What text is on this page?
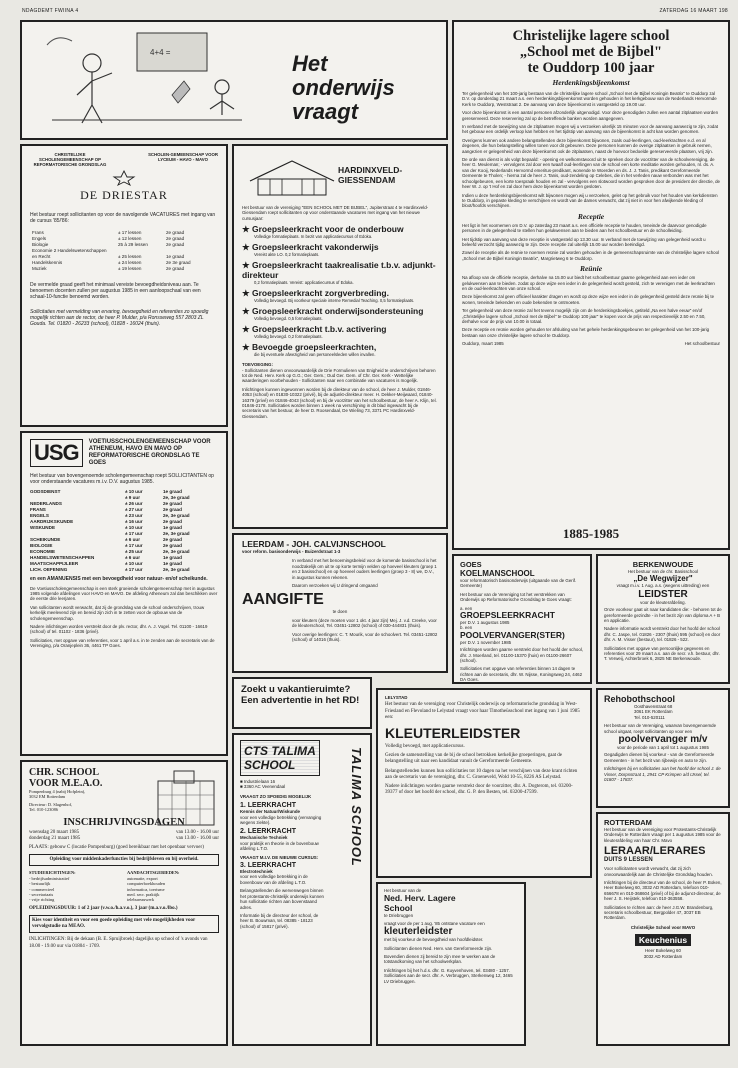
NDAGDEMT FWIINA 4	ZATERDAG 16 MAART 198
4+4 =	Het onderwijs vraagt
CHRISTELIJKE SCHOLENGEMEENSCHAP OP REFORMATORISCHE GRONDSLAG
SCHOLEN-GEMEENSCHAP VOOR LYCEUM - HAVO - MAVO
DE DRIESTAR

Het bestuur roept sollicitanten op voor de navolgende VACATURES met ingang van de cursus '85/'86:

Frans	± 17 lessen	2e graad
Engels	± 12 lessen	2e graad
Biologie	25 à 29 lessen	2e graad
Economie 2 Handelswetenschappen
en Recht	± 25 lessen	1e graad
Handelskennis	± 24 lessen	2e 3e graad
Muziek	± 19 lessen	2e graad

De vermelde graad geeft het minimaal vereiste bevoegdheidsniveau aan. Te benoemen docenten zullen per augustus 1985 in een aanloopschaal van een schaal-10-functie benoemd worden.

Sollicitaties met vermelding van ervaring, bevoegdheid en referenties zo spoedig mogelijk richten aan de rector, de heer P. Mulder, p/a Ronsseweg 557 2803 ZL Gouda. Tel. 01820 - 26233 (school), 01828 - 16024 (thuis).

HARDINXVELD-GIESSENDAM

Het bestuur van de vereniging "EEN SCHOOL MET DE BIJBEL", Jupiterstraat 4 te Hardinxveld-Giessendam roept sollicitanten op voor onderstaande vacatures met ingang van het nieuwe cursusjaar:

★ Groepsleerkracht voor de onderbouw
Volledige formatieplaats. In bezit van applicatiecursus of Edoka.
★ Groepsleerkracht vakonderwijs
Vereist akte LO. 0,2 formatieplaats.
★ Groepsleerkracht taakrealisatie t.b.v. adjunkt-direkteur
0,2 formatieplaats. Vereist: applicatiecursus of Edoka.
★ Groepsleerkracht zorgverbreding.
Volledig bevoegd. Bij voorkeur speciale interne Remedial Teaching. 0,5 formatieplaats.
★ Groepsleerkracht onderwijsondersteuning
Volledig bevoegd. 0,5 formatieplaats.
★ Groepsleerkracht t.b.v. activering
Volledig bevoegd. 0,2 formatieplaats.
★ Bevoegde groepsleerkrachten,
die bij eventuele afwezigheid van personeelsleden willen invallen.
TOEVOEGING:

- Sollicitanten dienen onvoorwaardelijk de Drie Formulieren van Enigheid te onderschrijven behoren tot de Ned. Herv. Kerk op G.G.; Ger. Gem.; Oud Ger. Gem. of Chr. Ger. Kerk - Wettelijke waarderingen voorbehouden - Sollicitanten naar een combinatie van vacatures is mogelijk.

Inlichtingen kunnen ingewonnen worden bij de direkteur van de school, de heer J. Mulder, 01846-4053 (school) en 01830-10322 (privé), bij de adjunkt-direkteur meer. H. Dekker-Meijwaard, 01840-16379 (privé) en 01846-4043 (school) en bij de voorzitter van het schoolbestuur, de heer A. Klijn, tel. 01846-2178. Sollicitaties worden binnen 1 week na verschijning in dit blad ingewacht bij de secretaris van het bestuur, de heer D. Roosendaal, De Wieling 73, 3371 PC Hardinxveld-Giessendam.

Christelijke lagere school
„School met de Bijbel"
te Ouddorp 100 jaar
Herdenkingsbijeenkomst

Ter gelegenheid van het 100-jarig bestaan van de christelijke lagere school „School met de Bijbel Koningin Beatrix" te Ouddorp zal D.V. op donderdag 21 maart a.s. een herdenkingsbijeenkomst worden gehouden in het kerkgebouw van de Nederlands Hervormde Kerk te Ouddorp, Weststraat 2. De aanvang van deze bijeenkomst is vastgesteld op 19.00 uur.

Voor deze bijeenkomst is een aantal personen afzonderlijk uitgenodigd. Voor deze genodigden zullen een aantal zitplaatsen worden gereserveerd. Deze reservering zal op de betreffende banken worden aangegeven.

In verband met de toewijzing van de zitplaatsen mogen wij u verzoeken uiterlijk 15 minuten voor de aanvang aanwezig te zijn, zodat het gebouw een ordelijk verloop kan hebben en het tijdstip van aanvang van de bijeenkomst in acht kan worden genomen.

Overigens kunnen ook andere belangstellenden deze bijeenkomst bijwonen, zoals oud-leerlingen, oud-leerkrachten e.d. en al degenen, die hun belangstelling willen tonen voor dit gebeuren. Deze personen kunnen de overige zitplaatsen in gebruik nemen, aangezien er gelegenheid van deze bijeenkomst ook de zitplaatsen, naast de hoevoor bedoelde gereserveerde plaatsen, vrij zijn.

De orde van dienst is als volgt bepaald: - opening en welkomstwoord uit te spreken door de voorzitter van de schoolvereniging, de heer G. Meuleman; - vervolgens zal door een twaalf oud-leerlingen van de school een korte meditatie worden gehouden, nl. ds. A. van der Kooij, Nederlands Hervormd emeritus-predikant, wonende te Woerden en ds. J. J. Tanis, predikant Gereformeerde Gemeente te Tholen; - hierna zal de heer J. Tanis, oud-zendeling op Celebes, die in het verleden nauw verbonden was met het schoolgebeuren, een korte toespraak houden en zal - vervolgens een slotwoord worden gesproken door de president der directie, de heer W. J. op 't Hof en zal door hem deze bijeenkomst worden gesloten.

Indien u deze herdenkingsbijeenkomst wilt bijwonen mogen wij u verzoeken, gelet op het gebruik voor het houden van kerkdiensten te Ouddorp, in gepaste kleding te verschijnen en wordt van de dames verwacht, dat zij niet in voor hen afwijkende kleding of bloot/hoofds verschijnen.

Receptie

Het ligt in het voornemen om D.V. op zaterdag 23 maart a.s. een officiële receptie te houden, teneinde de daarvoor genodigde personen in de gelegenheid te stellen hun gelukwensen aan te bieden aan het schoolbestuur en de schoolleiding.

Het tijdstip van aanvang van deze receptie is vastgesteld op 13.30 uur. In verband met de toewijzing van gelegenheid wordt u beleefd verzocht tijdig aanwezig te zijn. Deze receptie zal uiterlijk 15.00 uur worden beëindigd.

Zowel de receptie als de reünie te noemen reünie zal worden gehouden in de gemeenschapsruimte van de christelijke lagere school „School met de Bijbel Koningin Beatrix", Margrietweg 6 te Ouddorp.

Reünie

Na afloop van de officiële receptie, derhalve na 15.00 uur biedt het schoolbestuur gaarne gelegenheid aan een ieder om gelukwensen aan te bieden. zodat op deze wijze een ieder in de gelegenheid wordt gesteld, zich te verenigen met de leerkrachten en de oud-leerkrachten van onze school.

Deze bijeenkomst zal geen officieel karakter dragen en wordt op deze wijze een ieder in de gelegenheid gesteld deze reünie bij te wonen, teneinde bekenden en oude bekenden te ontmoeten.

Ter gelegenheid van deze reünie zal het tevens mogelijk zijn om de herdenkingsboekjes, getiteld „Na een halve eeuw" en/of „Christelijke lagere school „School met de Bijbel" te Ouddorp 100 jaar" te kopen voor de prijs van respectievelijk 2.50 en 7.50, derhalve voor de prijs van 10.00 in totaal.

Deze receptie en reünie worden gehouden ter afsluiting van het gehele herdenkingsgebeuren ter gelegenheid van het 100-jarig bestaan van onze christelijke lagere school te Ouddorp.

Ouddorp, maart 1985	Het schoolbestuur
1885-1985
USG	VOETIUSSCHOLENGEMEENSCHAP VOOR ATHENEUM, HAVO EN MAVO OP REFORMATORISCHE GRONDSLAG TE GOES

Het bestuur van bovengenoemde scholengemeenschap roept SOLLICITANTEN op voor onderstaande vacatures m.i.v. D.V. augustus 1985.

GODSDIENST	± 10 uur	1e graad
± 9 uur	2e, 3e graad
NEDERLANDS	± 26 uur	2e graad
FRANS	± 27 uur	2e graad
ENGELS	± 23 uur	2e, 3e graad
AARDRIJKSKUNDE	± 16 uur	2e graad
WISKUNDE	± 10 uur	1e graad
± 17 uur	2e, 3e graad
SCHEIKUNDE	± 6 uur	2e graad
BIOLOGIE	± 17 uur	2e graad
ECONOMIE	± 25 uur	2e, 3e graad
HANDELSWETENSCHAPPEN	± 6 uur	1e graad
MAATSCHAPPIJLEER	± 10 uur	1e graad
LICH. OEFENING	± 17 uur	2e, 3e graad

en een AMANUENSIS met een bevoegdheid voor natuur- en/of scheikunde.

De Voetiusscholengemeenschap is een sterk groeiende scholengemeenschap met in augustus 1985 volgende afdelingen voor HAVO en MAVO. De afdeling Atheneum zal dan beschikken over de eerste drie leerjaren.

Van sollicitanten wordt verwacht, dat zij de grondslag van de school onderschrijven, trouw kerkelijk meelevend zijn en bereid zijn zich in te zetten voor de opbouw van de scholengemeenschap.

Nadere inlichtingen worden verstrekt door de plv. rector, dhr. A. J. Vogel. Tel. 01100 - 16619 (school) of tel. 01102 - 1836 (privé).

Sollicitaties, met opgave van referenties, voor 1 april a.s. in te zenden aan de secretaris van de Vereniging, p/a Oranjeplein 36, 4461 TP Goes.

LEERDAM - JOH. CALVIJNSCHOOL
voor reform. basisonderwijs - Buizerdstraat 1-3

In verband met het benoemingsbeleid voor de komende basisschool is het noodzakelijk om uit te op korte termijn velden op hoeveel kleuters (groep 1 en 2 basisschool) en op hoeveel ouders leerlingen (groep 3 - 8) we, D.V., in augustus kunnen rekenen.

Daarom verzoeken wij U dringend omgaand

AANGIFTE
te doen

voor kleuters (deze moeten voor 1 okt. 4 jaar zijn) Mej. J. v.d. Creeke, voor de kleuterschool, Tel. 03451-12802 (school) of 030-444831 (thuis).

Voor overige leerlingen: C. T. Mourik, voor de schoolvert. Tel. 03451-12802 (school) of 14016 (thuis).

GOES
KOELMANSCHOOL

voor reformatorisch basisonderwijs (uitgaande van de Gerif. Gemeente)

Het bestuur van de Vereniging tot het verstrekken van Onderwijs op Reformatorische Grondslag te Goes vraagt:

a. een
GROEPSLEERKRACHT
per D.V. 1 augustus 1985
b. een
POOLVERVANGER(STER)
per D.V. 1 november 1985

Inlichtingen worden gaarne verstrekt door het hoofd der school, dhr. J. Moerland, tel. 01100-15370 (huis) en 01100-26607 (school).

Sollicitaties met opgave van referenties binnen 14 dagen te richten aan de secretaris, dhr. W. Nijsse, Koningsweg 24, 4462 DA Goes.

BERKENWOUDE
Het bestuur van de chr. Basisschool
„De Wegwijzer"
vraagt m.i.v. 1 Aug. a.s. (wegens uittreding) een
LEIDSTER
voor de kleuterafdeling.

Onze voorkeur gaat uit naar kandidaten die: - behoren tot de gereformeerde gezindte - in het bezit zijn van diploma A + B en applicatie.

Nadere informatie wordt verstrekt door het hoofd der school dhr. C. Jaspe, tel. 01826 - 2307 (thuis) 595 (school) en door dhr. A. M. Visser (bestuur), tel. 01826 - 522.

Sollicitaties met opgave van persoonlijke gegevens en referenties voor 29 maart a.s. aan de secr. v.h. bestuur, dhr. T. Verweij, Achterbroek 6, 2825 NE Berkenwoude.

Zoekt u vakantieruimte? Een advertentie in het RD!	LELYSTAD

Het bestuur van de vereniging voor Christelijk onderwijs op reformatorische grondslag in West-Friesland en Flevoland te Lelystad vraagt voor haar Timotheüsschool met ingang van 1 juni 1985 een:

KLEUTERLEIDSTER

Volledig bevoegd, met applicatiecursus.

Gezien de samenstelling van de bij de school betrokken kerkelijke groeperingen, gaat de belangstelling uit naar een kandidaat vanuit de Gereformeerde Gemeente.

Belangstellenden kunnen hun sollicitaties tot 10 dagen na het verschijnen van deze krant richten aan de secretaris van de vereniging, dhr. C. Groeneveld, Wold 10-55, 8226 AS Lelystad.

Nadere inlichtingen worden gaarne verstrekt door de voorzitter, dhr. A. Dogterom, tel. 03200-39377 of door het hoofd der school, dhr. G. P. den Besten, tel. 03200-47599.

Rehobothschool
Oosthavenstraat 68
3061 EK Rotterdam
Tel. 010-520111

Het bestuur van de Vereniging, waarvan bovengenoemde school uitgaat, roept sollicitanten op voor een

poolvervanger m/v
voor de periode van 1 april tot 1 augustus 1985

Gegadigden dienen bij voorkeur - van de Gereformeerde Gemeenten - in het bezit van rijbewijs en auto te zijn.

Inlichtingen bij en sollicitaties aan het hoofd der school J. de Visser, Dorpsstraat 1, 2941 CP Krimpen a/d IJssel, tel. 01807 - 17837.

ROTTERDAM

Het bestuur van de vereniging voor Protestants-Christelijk Onderwijs te Rotterdam vraagt per 1 augustus 1985 voor de kleuterafdeling van haar Chr. Mavo

LERAAR/LERARES
DUITS 9 LESSEN

Voor sollicitanten wordt verwacht, dat zij zich onvoorwaardelijk aan de Christelijke Grondslag houden.

Inlichtingen bij de directeur van de school, de heer P. Boken, Heer Bokelweg 60, 3032 AD Rotterdam, telefoon 010-656678 en 010-368604 (privé) of bij de adjunct-directeur, de heer J. S. Heijstek, telefoon 010-363558.

Sollicitaties te richten aan: de heer J.G.W. Brandenburg, secretaris schoolbestuur, Bergpolder 47, 3037 EB Rotterdam.

Christelijke School voor MAVO
Keuchenius
Heer Bokelweg 60
3032 AD Rotterdam
CHR. SCHOOL
VOOR M.E.A.O.
Pompenburg 4 (nabij Hofplein),
3032 EM Rotterdam
Directeur: D. Slagenhof,
Tel. 010-123086
INSCHRIJVINGSDAGEN
woensdag 20 maart 1985	van 13.00 - 16.00 uur
donderdag 21 maart 1985	van 13.00 - 16.00 uur

PLAATS: gebouw C (locatie Pompenburg) (goed bereikbaar met het openbaar vervoer)

Opleiding voor middenkaderfuncties bij bedrijfsleven en bij overheid.
STUDIERICHTINGEN:
- bedrijfsadministratief
- bestuurlijk
- commercieel
- secretariaats
- vrije richting
AANDACHTSGEBIEDEN:
automatie, export
computerboekhouden
informatica, toerisme
med. secr. praktijk
telebureauwerk

OPLEIDINGSDUUR: 1 of 2 jaar (v.w.o./h.a.v.o.), 3 jaar (m.a.v.o./lbo.)

Kies voor identiteit en voor een goede opleiding met vele mogelijkheden voor vervolgstudie na MEAO.

INLICHTINGEN: Bij de dekaan (B. E. Spruijbroek) dagelijks op school of 's avonds van 18.00 - 19.00 uur via 01804 - 1769.

CTS TALIMA SCHOOL	TALIMA SCHOOL
■ Industrielaan 16
■ 3360 AC Veenendaal
VRAAGT ZO SPOEDIG MOGELIJK
1. LEERKRACHT
Kennis der Natuur/Wiskunde

voor een volledige betrekking (vervanging wegens ziekte).

2. LEERKRACHT
Mechanische Techniek

voor praktijk en theorie in de bovenbouw afdeling L.T.O.

VRAAGT M.I.V. DE NIEUWE CURSUS:
3. LEERKRACHT
Electrotechniek

voor een volledige betrekking in de bovenbouw van de afdeling L.T.O.

Belangstellenden die wervenwegen binnen het protestants-christelijk onderwijs kunnen hun sollicitatie richten aan bovenstaand adres.

Informatie bij de directeur der school, de heer B. Bouwman, tel. 08385 - 18123 (school) of 15817 (privé).

Het bestuur van de
Ned. Herv. Lagere
School
te Driebruggen

vraagt voor de per 1 aug. '85 ontstane vacature een

kleuterleidster

met bij voorkeur de bevoegdheid van hoofdleidster.

Sollicitanten dienen Ned. Herv. van Gereformeerde zijn.

Bovendien dienen zij bereid te zijn mee te werken aan de totstandkoming van het schoolwerkplan.

Inlichtingen bij het h.d.s. dhr. G. Kuyvenhoven, tel. 03480 - 1257. Sollicitaties aan de secr. dhr. A. Verbruggen, Sterkenweg 12, 3465 LV Driebruggen.
